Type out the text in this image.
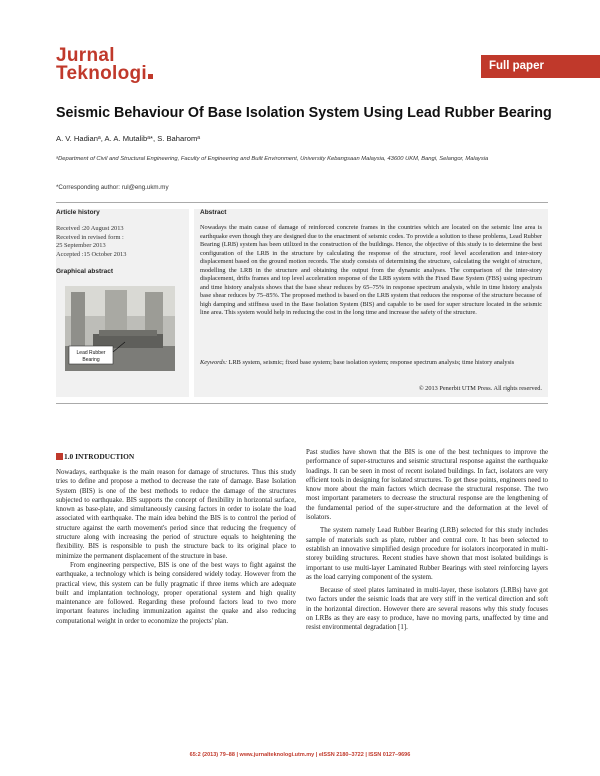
Jurnal
Teknologi	Full paper
Seismic Behaviour Of Base Isolation System Using Lead Rubber Bearing
A. V. Hadianᵃ, A. A. Mutalibᵃ*, S. Baharomᵃ
ᵃDepartment of Civil and Structural Engineering, Faculty of Engineering and Built Environment, University Kebangsaan Malaysia, 43600 UKM, Bangi, Selangor, Malaysia
*Corresponding author: rul@eng.ukm.my
Article history
Received :20 August 2013
Received in revised form :
25 September 2013
Accepted :15 October 2013
Graphical abstract
Lead Rubber
Bearing
Abstract
Nowadays the main cause of damage of reinforced concrete frames in the countries which are located on the seismic line area is earthquake even though they are designed due to the enactment of seismic codes. To provide a solution to these problems, Lead Rubber Bearing (LRB) system has been utilized in the construction of the buildings. Hence, the objective of this study is to determine the best configuration of the LRB in the structure by calculating the response of the structure, roof level acceleration and inter-story displacement based on the ground motion records. The study consists of determining the structure, calculating the weight of structure, modelling the LRB in the structure and obtaining the output from the dynamic analyses. The comparison of the inter-story displacement, drifts frames and top level acceleration response of the LRB system with the Fixed Base System (FBS) using spectrum and time history analysis shows that the base shear reduces by 65–75% in response spectrum analysis, while in time history analysis base shear reduces by 75–85%. The proposed method is based on the LRB system that reduces the response of the structure because of high damping and stiffness used in the Base Isolation System (BIS) and capable to be used for super structure located in the seismic line area. This system would help in reducing the cost in the long time and increase the safety of the structure.
Keywords: LRB system, seismic; fixed base system; base isolation system; response spectrum analysis; time history analysis
© 2013 Penerbit UTM Press. All rights reserved.
1.0 INTRODUCTION

Nowadays, earthquake is the main reason for damage of structures. Thus this study tries to define and propose a method to decrease the rate of damage. Base Isolation System (BIS) is one of the best methods to reduce the damage of the structures subjected to earthquake. BIS supports the concept of flexibility in horizontal surface, known as base-plate, and simultaneously causing factors in order to isolate the load associated with earthquake. The main idea behind the BIS is to control the period of structure against the earth movement's period since that reducing the frequency of structure along with increasing the period of structure equals to heightening the flexibility. BIS is responsible to push the structure back to its original place to minimize the permanent displacement of the structure in base.

From engineering perspective, BIS is one of the best ways to fight against the earthquake, a technology which is being considered widely today. However from the practical view, this system can be fully pragmatic if three items which are adequate built and implantation technology, proper operational system and high quality maintenance are followed. Regarding these profound factors lead to two more important features including immunization against the quake and also reducing computational weight in order to economize the projects' plan.

Past studies have shown that the BIS is one of the best techniques to improve the performance of super-structures and seismic structural response against the earthquake loadings. It can be seen in most of recent isolated buildings. In fact, isolators are very efficient tools in designing for isolated structures. To get these points, engineers need to know more about the main factors which decrease the structural response. The two most important parameters to decrease the structural response are the lengthening of the fundamental period of the super-structure and the deformation at the level of isolators.

The system namely Lead Rubber Bearing (LRB) selected for this study includes sample of materials such as plate, rubber and central core. It has been selected to establish an innovative simplified design procedure for isolators incorporated in multi-storey building structures. Recent studies have shown that most isolated buildings is important to use multi-layer Laminated Rubber Bearings with steel reinforcing layers as the load carrying component of the system.

Because of steel plates laminated in multi-layer, these isolators (LRBs) have got two factors under the seismic loads that are very stiff in the vertical direction and soft in the horizontal direction. However there are several reasons why this study focuses on LRBs as they are easy to produce, have no moving parts, unaffected by time and resist environmental degradation [1].

65:2 (2013) 79–88 | www.jurnalteknologi.utm.my | eISSN 2180–3722 | ISSN 0127–9696
